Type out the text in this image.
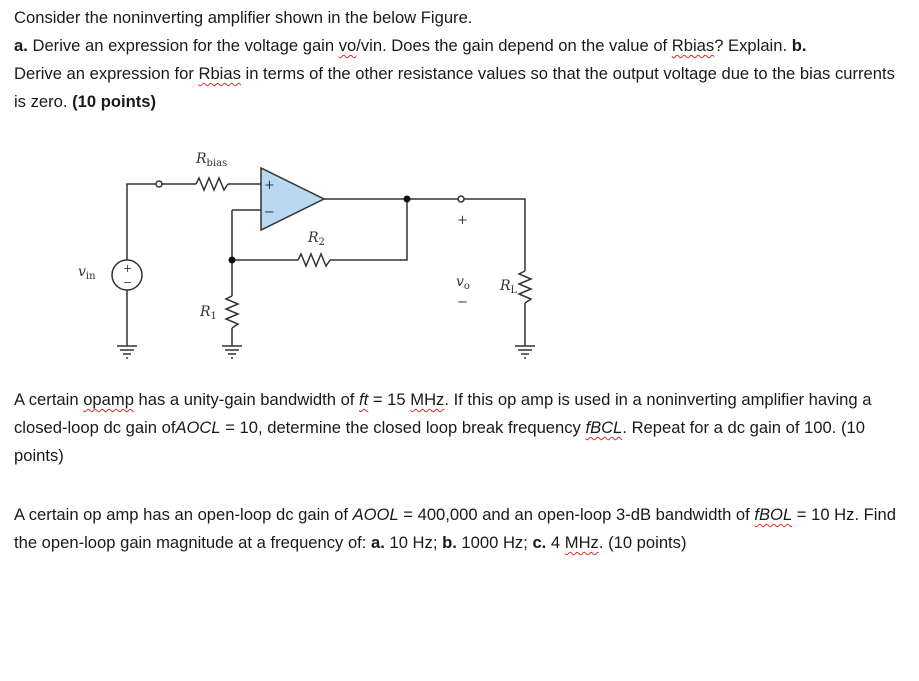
Consider the noninverting amplifier shown in the below Figure.
a. Derive an expression for the voltage gain vo/vin. Does the gain depend on the value of Rbias? Explain. b.
Derive an expression for Rbias in terms of the other resistance values so that the output voltage due to the bias currents is zero. (10 points)

+
−
+
−
+
−
$R_{bias}$
$R_2$
$R_1$
$R_L$
$v_{in}$	$v_o$

A certain opamp has a unity-gain bandwidth of ft = 15 MHz. If this op amp is used in a noninverting amplifier having a closed-loop dc gain ofAOCL = 10, determine the closed loop break frequency fBCL. Repeat for a dc gain of 100. (10 points)

A certain op amp has an open-loop dc gain of AOOL = 400,000 and an open-loop 3-dB bandwidth of fBOL = 10 Hz. Find the open-loop gain magnitude at a frequency of: a. 10 Hz; b. 1000 Hz; c. 4 MHz. (10 points)
